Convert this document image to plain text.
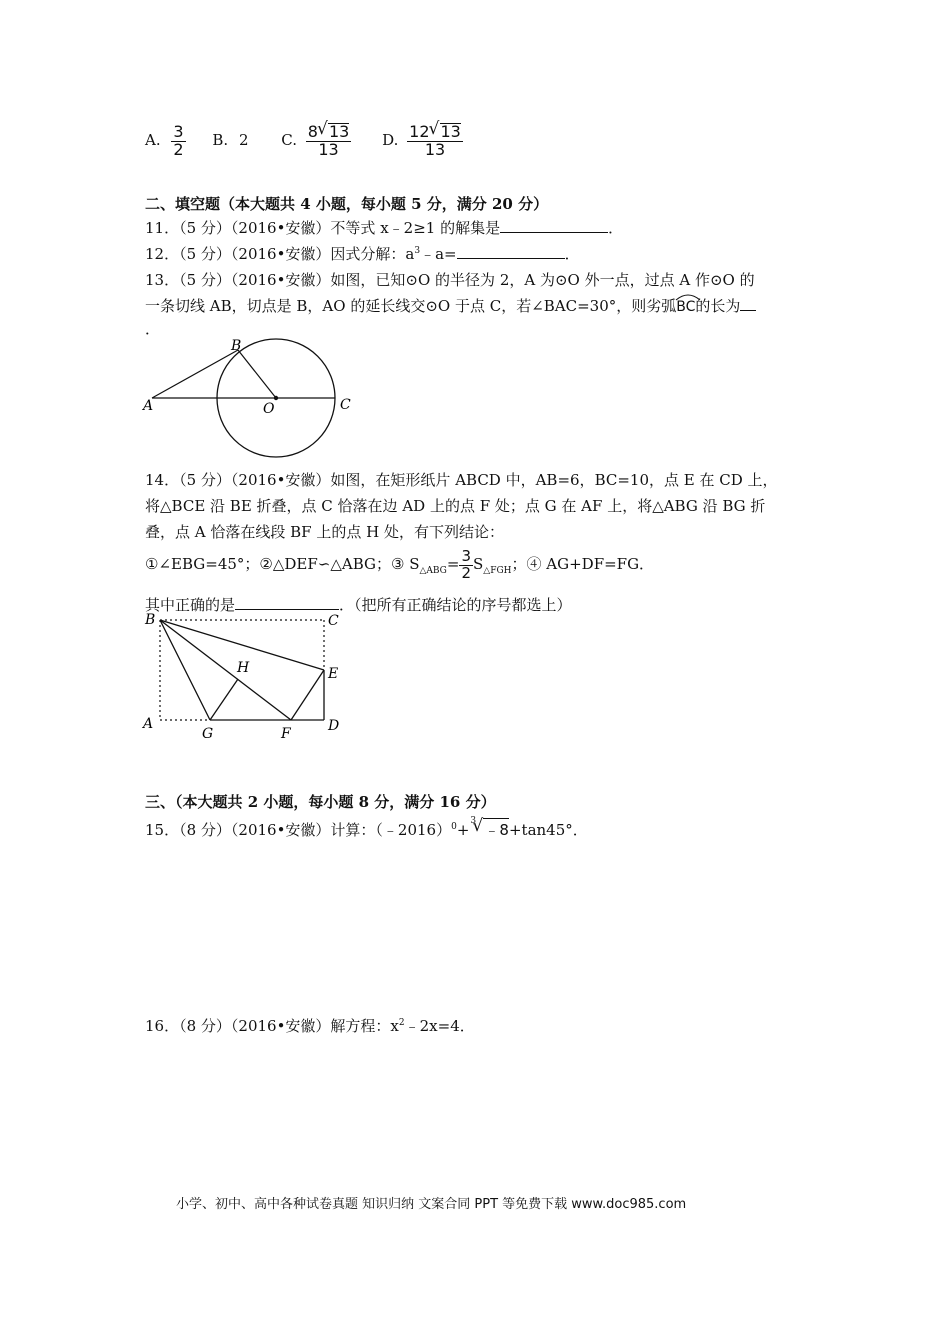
A. $\frac{3}{2} B$. 2 C. $\frac{8 √ 13}{13} D$. $\frac{12 √ 13}{13}$
二、填空题（本大题共 4 小题，每小题 5 分，满分 20 分）
11．（5 分）（2016•安徽）不等式 x﹣2≥1 的解集是	．
12．（5 分）（2016•安徽）因式分解：$a^3﹣a=$	．
13．（5 分）（2016•安徽）如图，已知⊙O 的半径为 2，A 为⊙O 外一点，过点 A 作⊙O 的
一条切线 AB，切点是 B，AO 的延长线交⊙O 于点 C，若∠BAC=30°，则劣弧
BC的长为
．
A
B
O	C
14．（5 分）（2016•安徽）如图，在矩形纸片 ABCD 中，AB=6，BC=10，点 E 在 CD 上，
将△BCE 沿 BE 折叠，点 C 恰落在边 AD 上的点 F 处；点 G 在 AF 上，将△ABG 沿 BG 折
叠，点 A 恰落在线段 BF 上的点 H 处，有下列结论：
①∠EBG=45°；②△DEF∽△ABG；③ $S_{\triangle ABG}= \frac{3}{2} S_{\triangle FGH}$；④ AG+DF=FG．
其中正确的是	．（把所有正确结论的序号都选上）
B	C
H	E
A
G	F	D
三、（本大题共 2 小题，每小题 8 分，满分 16 分）
15．（8 分）（2016•安徽）计算：（﹣2016）$^0$+ 3 √ ﹣8+tan45°．
16．（8 分）（2016•安徽）解方程：$x^2﹣2x=4$．
小学、初中、高中各种试卷真题 知识归纳 文案合同 PPT 等免费下载 www.doc985.com
